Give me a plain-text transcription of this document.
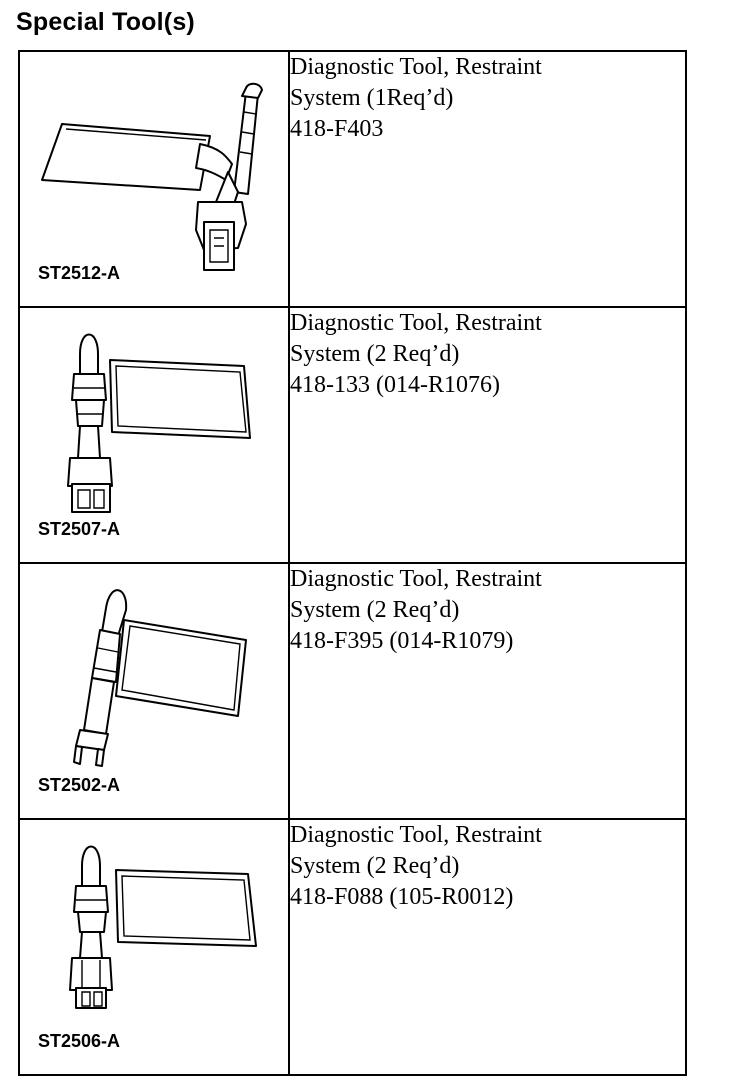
Special Tool(s)
ST2512-A	Diagnostic Tool, Restraint
System (1Req’d)
418-F403

ST2507-A	Diagnostic Tool, Restraint
System (2 Req’d)
418-133 (014-R1076)

ST2502-A	Diagnostic Tool, Restraint
System (2 Req’d)
418-F395 (014-R1079)

ST2506-A	Diagnostic Tool, Restraint
System (2 Req’d)
418-F088 (105-R0012)
